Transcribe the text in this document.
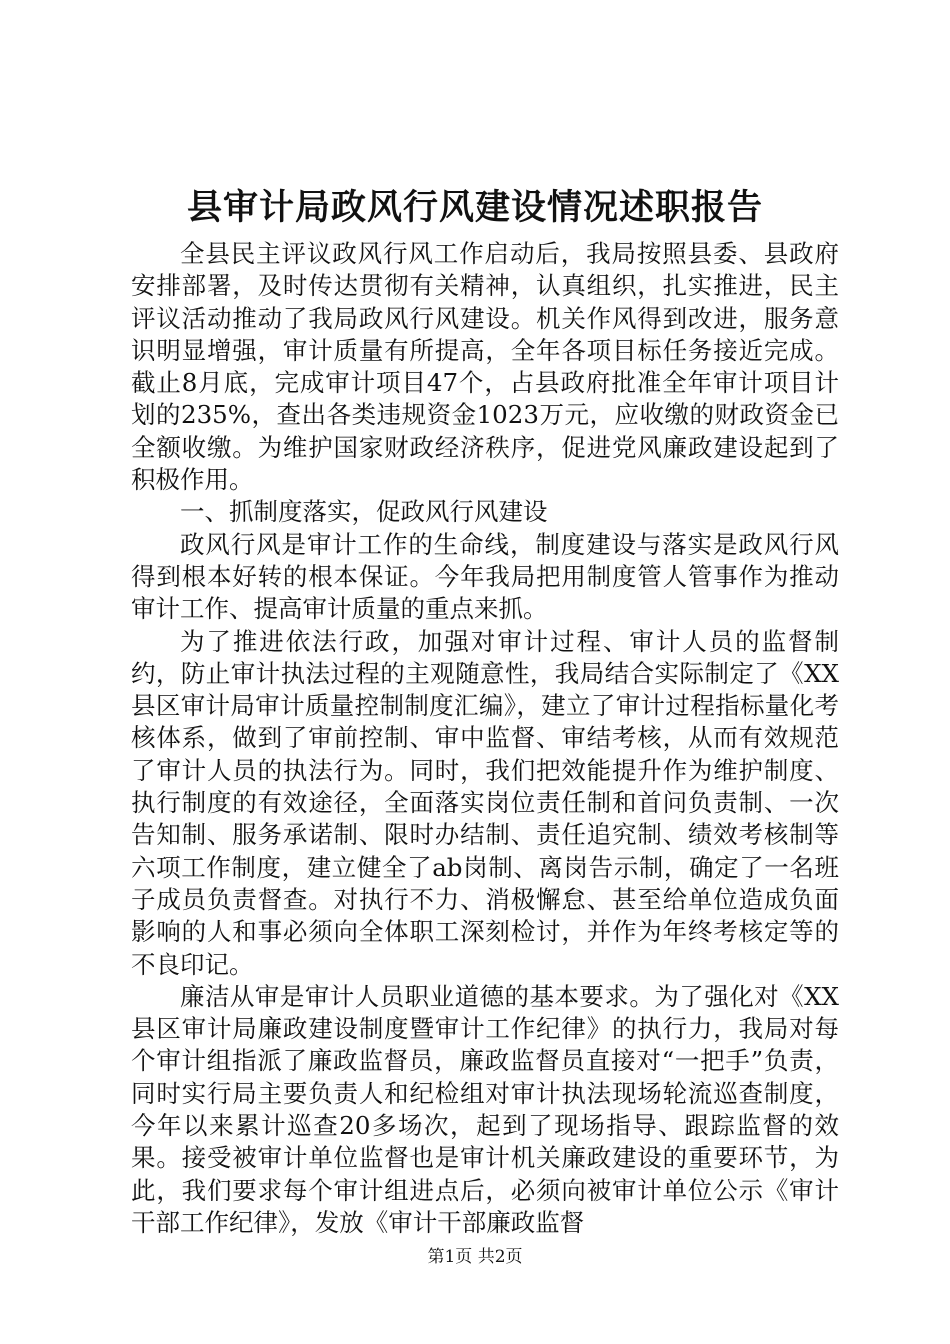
县审计局政风行风建设情况述职报告

全县民主评议政风行风工作启动后，我局按照县委、县政府安排部署，及时传达贯彻有关精神，认真组织，扎实推进，民主评议活动推动了我局政风行风建设。机关作风得到改进，服务意识明显增强，审计质量有所提高，全年各项目标任务接近完成。截止8月底，完成审计项目47个，占县政府批准全年审计项目计划的235%，查出各类违规资金1023万元，应收缴的财政资金已全额收缴。为维护国家财政经济秩序，促进党风廉政建设起到了积极作用。

一、抓制度落实，促政风行风建设

政风行风是审计工作的生命线，制度建设与落实是政风行风得到根本好转的根本保证。今年我局把用制度管人管事作为推动审计工作、提高审计质量的重点来抓。

为了推进依法行政，加强对审计过程、审计人员的监督制约，防止审计执法过程的主观随意性，我局结合实际制定了《XX县区审计局审计质量控制制度汇编》，建立了审计过程指标量化考核体系，做到了审前控制、审中监督、审结考核，从而有效规范了审计人员的执法行为。同时，我们把效能提升作为维护制度、执行制度的有效途径，全面落实岗位责任制和首问负责制、一次告知制、服务承诺制、限时办结制、责任追究制、绩效考核制等六项工作制度，建立健全了ab岗制、离岗告示制，确定了一名班子成员负责督查。对执行不力、消极懈怠、甚至给单位造成负面影响的人和事必须向全体职工深刻检讨，并作为年终考核定等的不良印记。

廉洁从审是审计人员职业道德的基本要求。为了强化对《XX县区审计局廉政建设制度暨审计工作纪律》的执行力，我局对每个审计组指派了廉政监督员，廉政监督员直接对“一把手”负责，同时实行局主要负责人和纪检组对审计执法现场轮流巡查制度，今年以来累计巡查20多场次，起到了现场指导、跟踪监督的效果。接受被审计单位监督也是审计机关廉政建设的重要环节，为此，我们要求每个审计组进点后，必须向被审计单位公示《审计干部工作纪律》，发放《审计干部廉政监督

第1页 共2页
